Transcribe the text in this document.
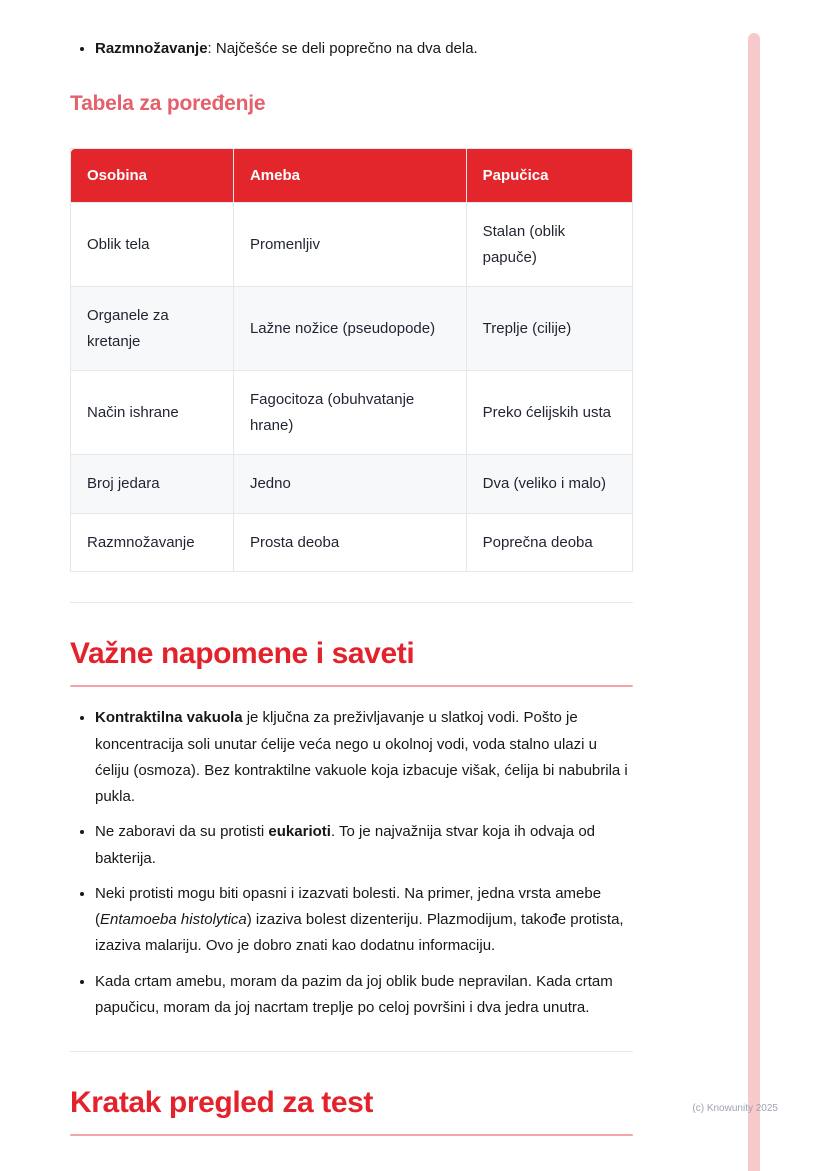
• Razmnožavanje: Najčešće se deli poprečno na dva dela.
Tabela za poređenje
Osobina	Ameba	Papučica
Oblik tela	Promenljiv	Stalan (oblik papuče)
Organele za kretanje	Lažne nožice (pseudopode)	Treplje (cilije)
Način ishrane	Fagocitoza (obuhvatanje hrane)	Preko ćelijskih usta
Broj jedara	Jedno	Dva (veliko i malo)
Razmnožavanje	Prosta deoba	Poprečna deoba
Važne napomene i saveti
• Kontraktilna vakuola je ključna za preživljavanje u slatkoj vodi. Pošto je koncentracija soli unutar ćelije veća nego u okolnoj vodi, voda stalno ulazi u ćeliju (osmoza). Bez kontraktilne vakuole koja izbacuje višak, ćelija bi nabubrila i pukla.
• Ne zaboravi da su protisti eukarioti. To je najvažnija stvar koja ih odvaja od bakterija.
• Neki protisti mogu biti opasni i izazvati bolesti. Na primer, jedna vrsta amebe (Entamoeba histolytica) izaziva bolest dizenteriju. Plazmodijum, takođe protista, izaziva malariju. Ovo je dobro znati kao dodatnu informaciju.
• Kada crtam amebu, moram da pazim da joj oblik bude nepravilan. Kada crtam papučicu, moram da joj nacrtam treplje po celoj površini i dva jedra unutra.
Kratak pregled za test	(c) Knowunity 2025
